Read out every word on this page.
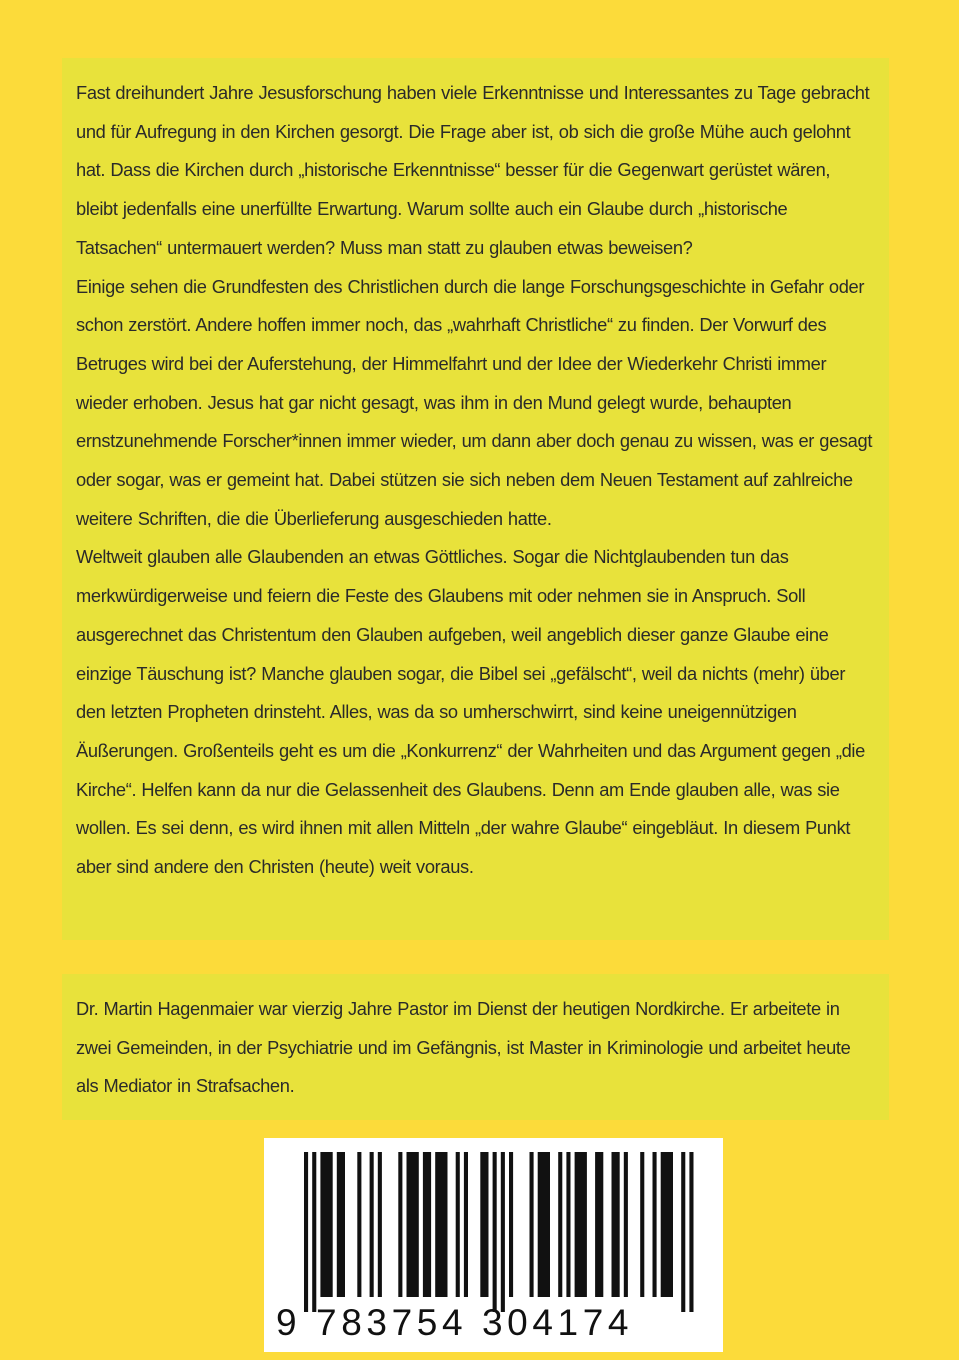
Fast dreihundert Jahre Jesusforschung haben viele Erkenntnisse und Interessantes zu Tage gebracht und für Aufregung in den Kirchen gesorgt. Die Frage aber ist, ob sich die große Mühe auch gelohnt hat. Dass die Kirchen durch „historische Erkenntnisse“ besser für die Gegenwart gerüstet wären, bleibt jedenfalls eine unerfüllte Erwartung. Warum sollte auch ein Glaube durch „historische Tatsachen“ untermauert werden? Muss man statt zu glauben etwas beweisen?

Einige sehen die Grundfesten des Christlichen durch die lange Forschungsgeschichte in Gefahr oder schon zerstört. Andere hoffen immer noch, das „wahrhaft Christliche“ zu finden. Der Vorwurf des Betruges wird bei der Auferstehung, der Himmelfahrt und der Idee der Wiederkehr Christi immer wieder erhoben. Jesus hat gar nicht gesagt, was ihm in den Mund gelegt wurde, behaupten ernstzunehmende Forscher*innen immer wieder, um dann aber doch genau zu wissen, was er gesagt oder sogar, was er gemeint hat. Dabei stützen sie sich neben dem Neuen Testament auf zahlreiche weitere Schriften, die die Überlieferung ausgeschieden hatte.

Weltweit glauben alle Glaubenden an etwas Göttliches. Sogar die Nichtglaubenden tun das merkwürdigerweise und feiern die Feste des Glaubens mit oder nehmen sie in Anspruch. Soll ausgerechnet das Christentum den Glauben aufgeben, weil angeblich dieser ganze Glaube eine einzige Täuschung ist? Manche glauben sogar, die Bibel sei „gefälscht“, weil da nichts (mehr) über den letzten Propheten drinsteht. Alles, was da so umherschwirrt, sind keine uneigennützigen Äußerungen. Großenteils geht es um die „Konkurrenz“ der Wahrheiten und das Argument gegen „die Kirche“. Helfen kann da nur die Gelassenheit des Glaubens. Denn am Ende glauben alle, was sie wollen. Es sei denn, es wird ihnen mit allen Mitteln „der wahre Glaube“ eingebläut. In diesem Punkt aber sind andere den Christen (heute) weit voraus.

Dr. Martin Hagenmaier war vierzig Jahre Pastor im Dienst der heutigen Nordkirche. Er arbeitete in zwei Gemeinden, in der Psychiatrie und im Gefängnis, ist Master in Kriminologie und arbeitet heute als Mediator in Strafsachen.

9 783754 304174
